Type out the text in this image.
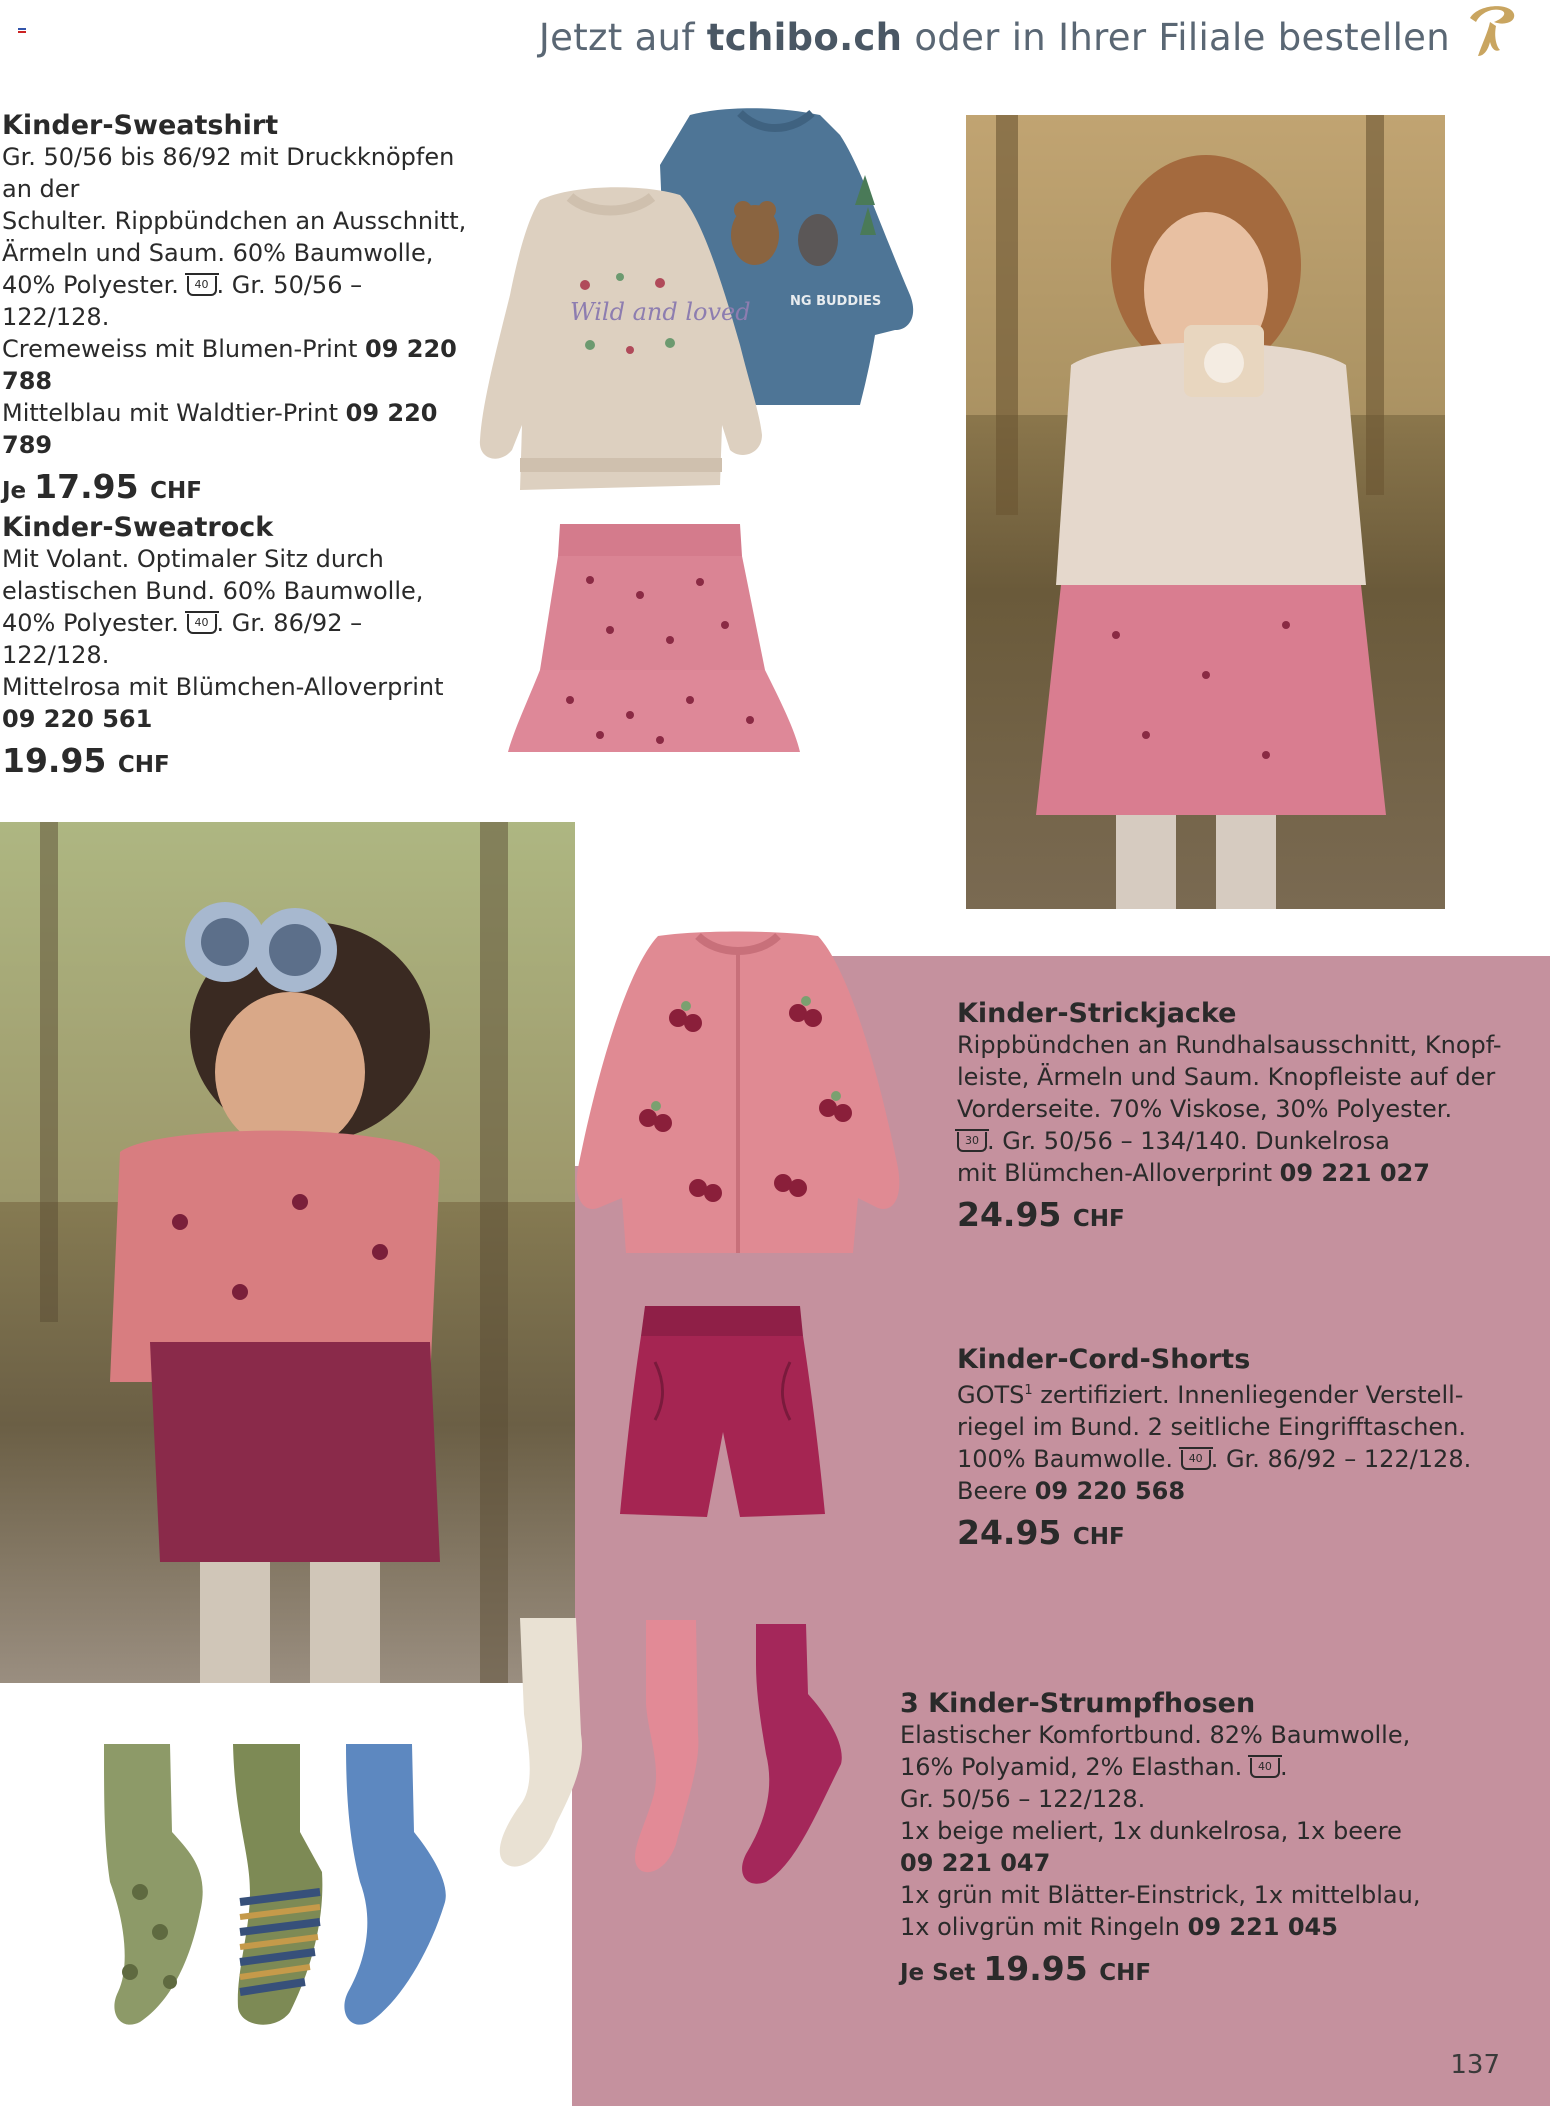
Jetzt auf tchibo.ch oder in Ihrer Filiale bestellen
Kinder-Sweatshirt

Gr. 50/56 bis 86/92 mit Druckknöpfen an der

Schulter. Rippbündchen an Ausschnitt,

Ärmeln und Saum. 60% Baumwolle,

40% Polyester. 40 . Gr. 50/56 – 122/128.

Cremeweiss mit Blumen-Print 09 220 788

Mittelblau mit Waldtier-Print 09 220 789

Je 17.95 CHF
Kinder-Sweatrock

Mit Volant. Optimaler Sitz durch

elastischen Bund. 60% Baumwolle,

40% Polyester. 40 . Gr. 86/92 – 122/128.

Mittelrosa mit Blümchen-Alloverprint

09 220 561

19.95 CHF
NG BUDDIES
Wild and loved
Kinder-Strickjacke

Rippbündchen an Rundhalsausschnitt, Knopf-

leiste, Ärmeln und Saum. Knopfleiste auf der

Vorderseite. 70% Viskose, 30% Polyester.

30 . Gr. 50/56 – 134/140. Dunkelrosa

mit Blümchen-Alloverprint 09 221 027

24.95 CHF
Kinder-Cord-Shorts

GOTS$^1$ zertifiziert. Innenliegender Verstell-

riegel im Bund. 2 seitliche Eingrifftaschen.

100% Baumwolle. 40 . Gr. 86/92 – 122/128.

Beere 09 220 568

24.95 CHF
3 Kinder-Strumpfhosen

Elastischer Komfortbund. 82% Baumwolle,

16% Polyamid, 2% Elasthan. 40 .

Gr. 50/56 – 122/128.

1x beige meliert, 1x dunkelrosa, 1x beere

09 221 047

1x grün mit Blätter-Einstrick, 1x mittelblau,

1x olivgrün mit Ringeln 09 221 045

Je Set 19.95 CHF
137
